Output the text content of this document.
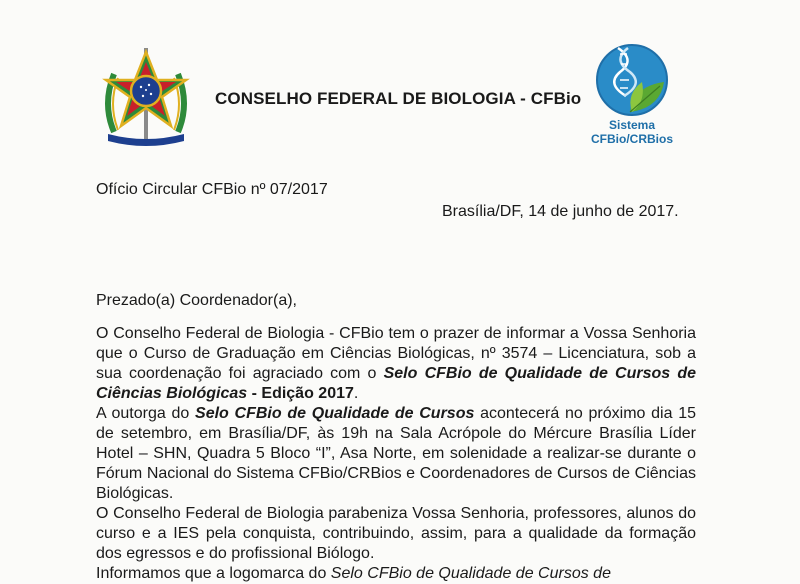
CONSELHO FEDERAL DE BIOLOGIA - CFBio
Sistema
CFBio/CRBios
Ofício Circular CFBio nº 07/2017
Brasília/DF, 14 de junho de 2017.
Prezado(a) Coordenador(a),

O Conselho Federal de Biologia - CFBio tem o prazer de informar a Vossa Senhoria que o Curso de Graduação em Ciências Biológicas, nº 3574 – Licenciatura, sob a sua coordenação foi agraciado com o Selo CFBio de Qualidade de Cursos de Ciências Biológicas - Edição 2017.

A outorga do Selo CFBio de Qualidade de Cursos acontecerá no próximo dia 15 de setembro, em Brasília/DF, às 19h na Sala Acrópole do Mércure Brasília Líder Hotel – SHN, Quadra 5 Bloco “I”, Asa Norte, em solenidade a realizar-se durante o Fórum Nacional do Sistema CFBio/CRBios e Coordenadores de Cursos de Ciências Biológicas.

O Conselho Federal de Biologia parabeniza Vossa Senhoria, professores, alunos do curso e a IES pela conquista, contribuindo, assim, para a qualidade da formação dos egressos e do profissional Biólogo.

Informamos que a logomarca do Selo CFBio de Qualidade de Cursos de
